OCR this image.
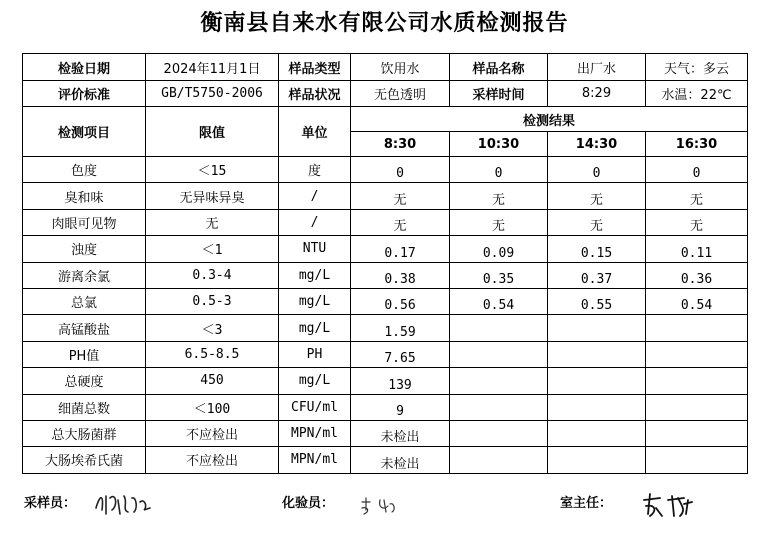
衡南县自来水有限公司水质检测报告
检验日期	2024年11月1日	样品类型	饮用水	样品名称	出厂水	天气：多云
评价标准	GB/T5750-2006	样品状况	无色透明	采样时间	8:29	水温：22℃
检测项目	限值	单位	检测结果			
			8:30	10:30	14:30	16:30
色度	＜15	度	0	0	0	0
臭和味	无异味异臭	/	无	无	无	无
肉眼可见物	无	/	无	无	无	无
浊度	＜1	NTU	0.17	0.09	0.15	0.11
游离余氯	0.3-4	mg/L	0.38	0.35	0.37	0.36
总氯	0.5-3	mg/L	0.56	0.54	0.55	0.54
高锰酸盐	＜3	mg/L	1.59			
PH值	6.5-8.5	PH	7.65			
总硬度	450	mg/L	139			
细菌总数	＜100	CFU/ml	9			
总大肠菌群	不应检出	MPN/ml	未检出			
大肠埃希氏菌	不应检出	MPN/ml	未检出			
采样员：	化验员：	室主任：
